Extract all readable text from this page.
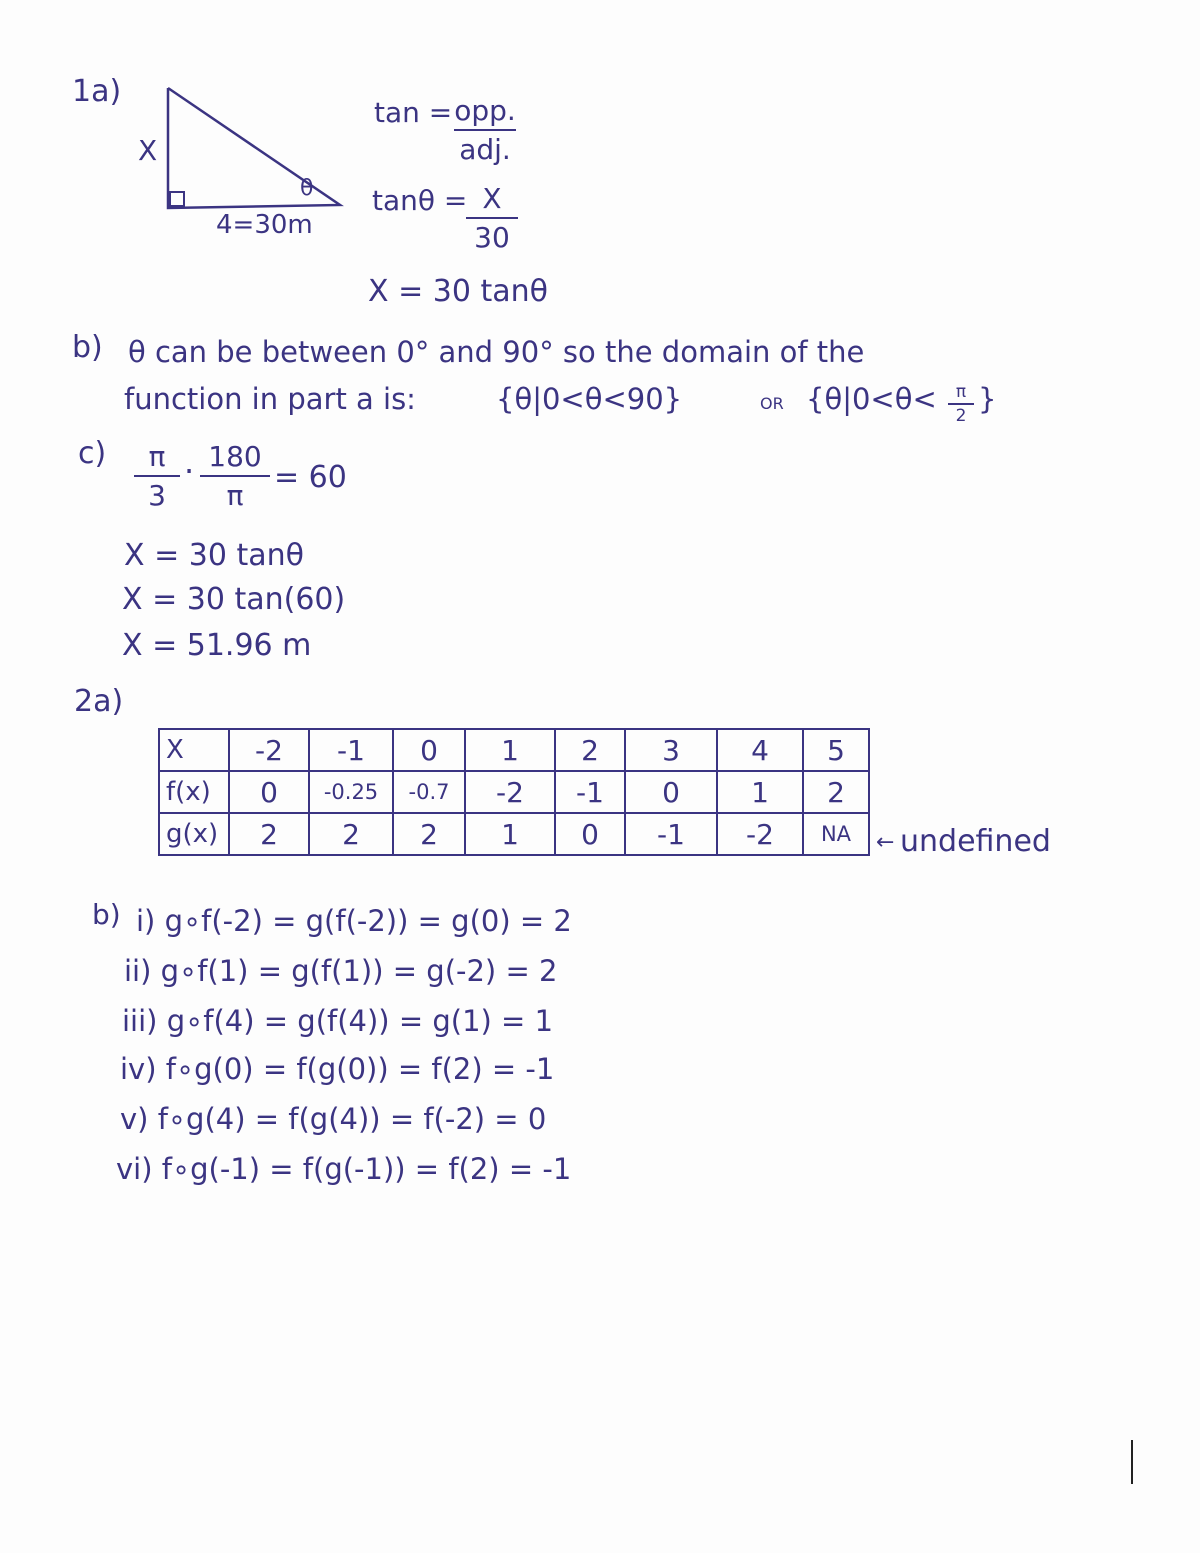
1a)
X
θ
4=30m
tan = opp.
adj.
tanθ = X
30
X = 30 tanθ
b) θ can be between 0° and 90° so the domain of the
function in part a is:	{θ|0<θ<90}	OR {θ|0<θ<	π
2 }
c)	π
3
· 180
π
= 60
X = 30 tanθ
X = 30 tan(60)
X = 51.96 m
2a)
X	-2	-1	0	1	2	3	4	5
f(x)	0	-0.25	-0.7	-2	-1	0	1	2
g(x)	2	2	2	1	0	-1	-2	NA ← undefined
b) i) g∘f(-2) = g(f(-2)) = g(0) = 2
ii) g∘f(1) = g(f(1)) = g(-2) = 2
iii) g∘f(4) = g(f(4)) = g(1) = 1
iv) f∘g(0) = f(g(0)) = f(2) = -1
v) f∘g(4) = f(g(4)) = f(-2) = 0
vi) f∘g(-1) = f(g(-1)) = f(2) = -1
